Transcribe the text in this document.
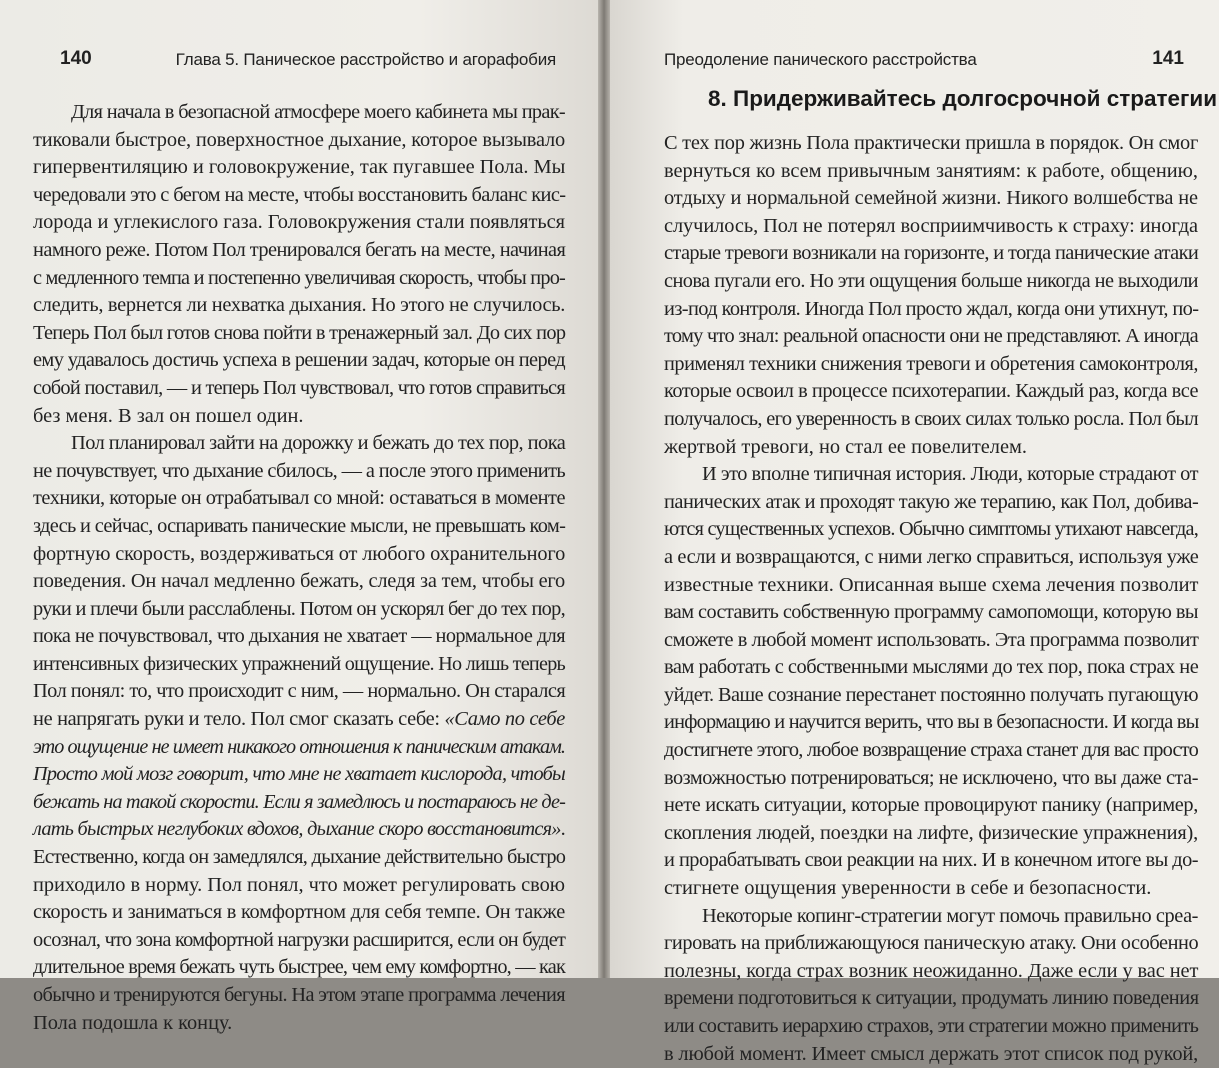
140	Глава 5. Паническое расстройство и агорафобия
Для начала в безопасной атмосфере моего кабинета мы прак-
тиковали быстрое, поверхностное дыхание, которое вызывало
гипервентиляцию и головокружение, так пугавшее Пола. Мы
чередовали это с бегом на месте, чтобы восстановить баланс кис-
лорода и углекислого газа. Головокружения стали появляться
намного реже. Потом Пол тренировался бегать на месте, начиная
с медленного темпа и постепенно увеличивая скорость, чтобы про-
следить, вернется ли нехватка дыхания. Но этого не случилось.
Теперь Пол был готов снова пойти в тренажерный зал. До сих пор
ему удавалось достичь успеха в решении задач, которые он перед
собой поставил, — и теперь Пол чувствовал, что готов справиться
без меня. В зал он пошел один.
Пол планировал зайти на дорожку и бежать до тех пор, пока
не почувствует, что дыхание сбилось, — а после этого применить
техники, которые он отрабатывал со мной: оставаться в моменте
здесь и сейчас, оспаривать панические мысли, не превышать ком-
фортную скорость, воздерживаться от любого охранительного
поведения. Он начал медленно бежать, следя за тем, чтобы его
руки и плечи были расслаблены. Потом он ускорял бег до тех пор,
пока не почувствовал, что дыхания не хватает — нормальное для
интенсивных физических упражнений ощущение. Но лишь теперь
Пол понял: то, что происходит с ним, — нормально. Он старался
не напрягать руки и тело. Пол смог сказать себе: «Само по себе
это ощущение не имеет никакого отношения к паническим атакам.
Просто мой мозг говорит, что мне не хватает кислорода, чтобы
бежать на такой скорости. Если я замедлюсь и постараюсь не де-
лать быстрых неглубоких вдохов, дыхание скоро восстановится».
Естественно, когда он замедлялся, дыхание действительно быстро
приходило в норму. Пол понял, что может регулировать свою
скорость и заниматься в комфортном для себя темпе. Он также
осознал, что зона комфортной нагрузки расширится, если он будет
длительное время бежать чуть быстрее, чем ему комфортно, — как
обычно и тренируются бегуны. На этом этапе программа лечения
Пола подошла к концу.
Преодоление панического расстройства	141
8. Придерживайтесь долгосрочной стратегии
С тех пор жизнь Пола практически пришла в порядок. Он смог
вернуться ко всем привычным занятиям: к работе, общению,
отдыху и нормальной семейной жизни. Никого волшебства не
случилось, Пол не потерял восприимчивость к страху: иногда
старые тревоги возникали на горизонте, и тогда панические атаки
снова пугали его. Но эти ощущения больше никогда не выходили
из-под контроля. Иногда Пол просто ждал, когда они утихнут, по-
тому что знал: реальной опасности они не представляют. А иногда
применял техники снижения тревоги и обретения самоконтроля,
которые освоил в процессе психотерапии. Каждый раз, когда все
получалось, его уверенность в своих силах только росла. Пол был
жертвой тревоги, но стал ее повелителем.
И это вполне типичная история. Люди, которые страдают от
панических атак и проходят такую же терапию, как Пол, добива-
ются существенных успехов. Обычно симптомы утихают навсегда,
а если и возвращаются, с ними легко справиться, используя уже
известные техники. Описанная выше схема лечения позволит
вам составить собственную программу самопомощи, которую вы
сможете в любой момент использовать. Эта программа позволит
вам работать с собственными мыслями до тех пор, пока страх не
уйдет. Ваше сознание перестанет постоянно получать пугающую
информацию и научится верить, что вы в безопасности. И когда вы
достигнете этого, любое возвращение страха станет для вас просто
возможностью потренироваться; не исключено, что вы даже ста-
нете искать ситуации, которые провоцируют панику (например,
скопления людей, поездки на лифте, физические упражнения),
и прорабатывать свои реакции на них. И в конечном итоге вы до-
стигнете ощущения уверенности в себе и безопасности.
Некоторые копинг-стратегии могут помочь правильно среа-
гировать на приближающуюся паническую атаку. Они особенно
полезны, когда страх возник неожиданно. Даже если у вас нет
времени подготовиться к ситуации, продумать линию поведения
или составить иерархию страхов, эти стратегии можно применить
в любой момент. Имеет смысл держать этот список под рукой,
